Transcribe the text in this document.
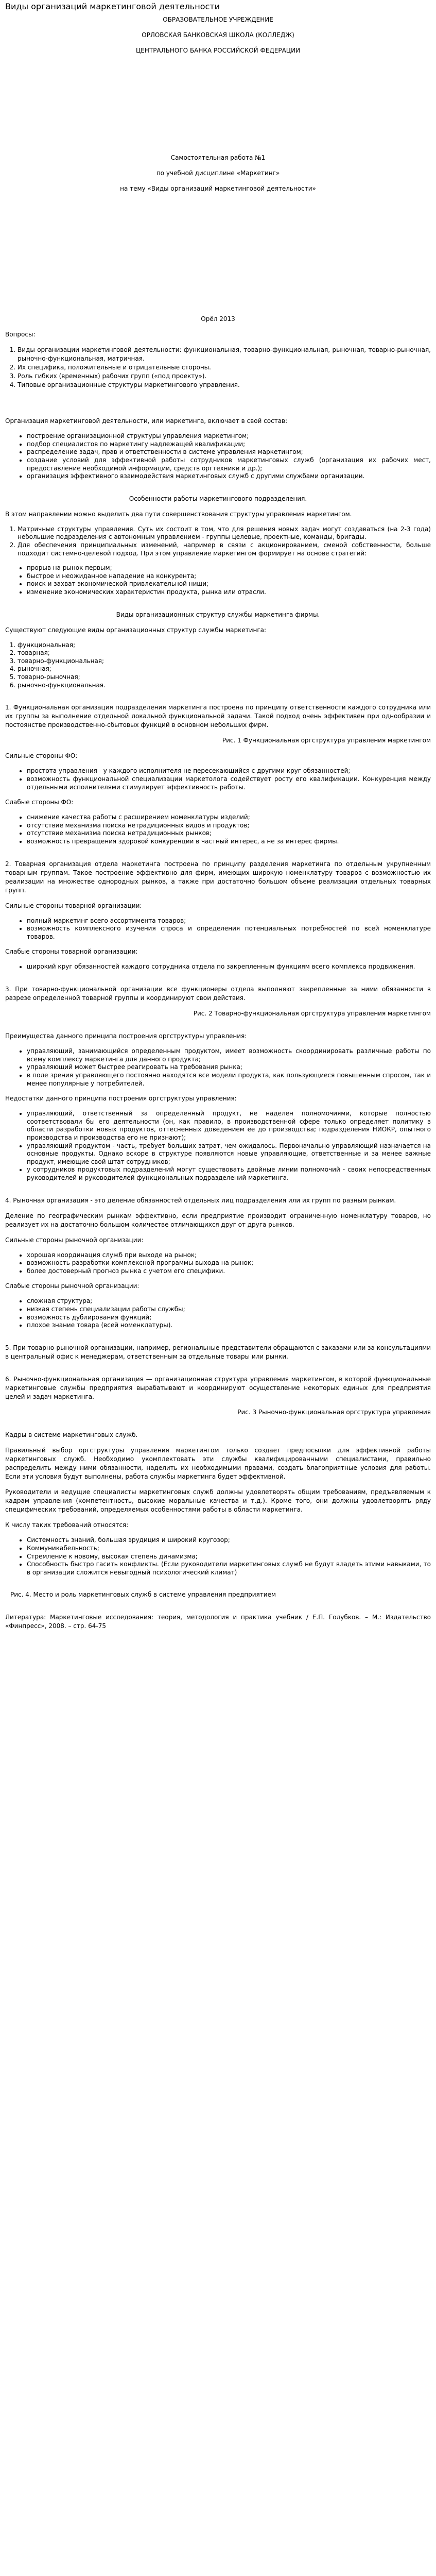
Виды организаций маркетинговой деятельности

ОБРАЗОВАТЕЛЬНОЕ УЧРЕЖДЕНИЕ

ОРЛОВСКАЯ БАНКОВСКАЯ ШКОЛА (КОЛЛЕДЖ)

ЦЕНТРАЛЬНОГО БАНКА РОССИЙСКОЙ ФЕДЕРАЦИИ

Самостоятельная работа №1

по учебной дисциплине «Маркетинг»

на тему «Виды организаций маркетинговой деятельности»

Орёл 2013

Вопросы:

1. Виды организации маркетинговой деятельности: функциональная, товарно-функциональная, рыночная, товарно-рыночная, рыночно-функциональная, матричная.
2. Их специфика, положительные и отрицательные стороны.
3. Роль гибких (временных) рабочих групп («под проекту»).
4. Типовые организационные структуры маркетингового управления.

Организация маркетинговой деятельности, или маркетинга, включает в свой состав:

• построение организационной структуры управления маркетингом;
• подбор специалистов по маркетингу надлежащей квалификации;
• распределение задач, прав и ответственности в системе управления маркетингом;
• создание условий для эффективной работы сотрудников маркетинговых служб (организация их рабочих мест, предоставление необходимой информации, средств оргтехники и др.);
• организация эффективного взаимодействия маркетинговых служб с другими службами организации.

Особенности работы маркетингового подразделения.

В этом направлении можно выделить два пути совершенствования структуры управления маркетингом.

1. Матричные структуры управления. Суть их состоит в том, что для решения новых задач могут создаваться (на 2-3 года) небольшие подразделения с автономным управлением - группы целевые, проектные, команды, бригады.
2. Для обеспечения принципиальных изменений, например в связи с акционированием, сменой собственности, больше подходит системно-целевой подход. При этом управление маркетингом формирует на основе стратегий:
• прорыв на рынок первым;
• быстрое и неожиданное нападение на конкурента;
• поиск и захват экономической привлекательной ниши;
• изменение экономических характеристик продукта, рынка или отрасли.

Виды организационных структур службы маркетинга фирмы.

Существуют следующие виды организационных структур службы маркетинга:

1. функциональная;
2. товарная;
3. товарно-функциональная;
4. рыночная;
5. товарно-рыночная;
6. рыночно-функциональная.

1. Функциональная организация подразделения маркетинга построена по принципу ответственности каждого сотрудника или их группы за выполнение отдельной локальной функциональной задачи. Такой подход очень эффективен при однообразии и постоянстве производственно-сбытовых функций в основном небольших фирм.

Рис. 1 Функциональная оргструктура управления маркетингом

Сильные стороны ФО:

• простота управления - у каждого исполнителя не пересекающийся с другими круг обязанностей;
• возможность функциональной специализации маркетолога содействует росту его квалификации. Конкуренция между отдельными исполнителями стимулирует эффективность работы.

Слабые стороны ФО:

• снижение качества работы с расширением номенклатуры изделий;
• отсутствие механизма поиска нетрадиционных видов и продуктов;
• отсутствие механизма поиска нетрадиционных рынков;
• возможность превращения здоровой конкуренции в частный интерес, а не за интерес фирмы.

2. Товарная организация отдела маркетинга построена по принципу разделения маркетинга по отдельным укрупненным товарным группам. Такое построение эффективно для фирм, имеющих широкую номенклатуру товаров с возможностью их реализации на множестве однородных рынков, а также при достаточно большом объеме реализации отдельных товарных групп.

Сильные стороны товарной организации:

• полный маркетинг всего ассортимента товаров;
• возможность комплексного изучения спроса и определения потенциальных потребностей по всей номенклатуре товаров.

Слабые стороны товарной организации:

• широкий круг обязанностей каждого сотрудника отдела по закрепленным функциям всего комплекса продвижения.

3. При товарно-функциональной организации все функционеры отдела выполняют закрепленные за ними обязанности в разрезе определенной товарной группы и координируют свои действия.

Рис. 2 Товарно-функциональная оргструктура управления маркетингом

Преимущества данного принципа построения оргструктуры управления:

• управляющий, занимающийся определенным продуктом, имеет возможность скоординировать различные работы по всему комплексу маркетинга для данного продукта;
• управляющий может быстрее реагировать на требования рынка;
• в поле зрения управляющего постоянно находятся все модели продукта, как пользующиеся повышенным спросом, так и менее популярные у потребителей.

Недостатки данного принципа построения оргструктуры управления:

• управляющий, ответственный за определенный продукт, не наделен полномочиями, которые полностью соответствовали бы его деятельности (он, как правило, в производственной сфере только определяет политику в области разработки новых продуктов, оттесненных доведением ее до производства; подразделения НИОКР, опытного производства и производства его не признают);
• управляющий продуктом - часть, требует больших затрат, чем ожидалось. Первоначально управляющий назначается на основные продукты. Однако вскоре в структуре появляются новые управляющие, ответственные и за менее важные продукт, имеющие свой штат сотрудников;
• у сотрудников продуктовых подразделений могут существовать двойные линии полномочий - своих непосредственных руководителей и руководителей функциональных подразделений маркетинга.

4. Рыночная организация - это деление обязанностей отдельных лиц подразделения или их групп по разным рынкам.

Деление по географическим рынкам эффективно, если предприятие производит ограниченную номенклатуру товаров, но реализует их на достаточно большом количестве отличающихся друг от друга рынков.

Сильные стороны рыночной организации:

• хорошая координация служб при выходе на рынок;
• возможность разработки комплексной программы выхода на рынок;
• более достоверный прогноз рынка с учетом его специфики.

Слабые стороны рыночной организации:

• сложная структура;
• низкая степень специализации работы службы;
• возможность дублирования функций;
• плохое знание товара (всей номенклатуры).

5. При товарно-рыночной организации, например, региональные представители обращаются с заказами или за консультациями в центральный офис к менеджерам, ответственным за отдельные товары или рынки.

6. Рыночно-функциональная организация — организационная структура управления маркетингом, в которой функциональные маркетинговые службы предприятия вырабатывают и координируют осуществление некоторых единых для предприятия целей и задач маркетинга.

Рис. 3 Рыночно-функциональная оргструктура управления

Кадры в системе маркетинговых служб.

Правильный выбор оргструктуры управления маркетингом только создает предпосылки для эффективной работы маркетинговых служб. Необходимо укомплектовать эти службы квалифицированными специалистами, правильно распределить между ними обязанности, наделить их необходимыми правами, создать благоприятные условия для работы. Если эти условия будут выполнены, работа службы маркетинга будет эффективной.

Руководители и ведущие специалисты маркетинговых служб должны удовлетворять общим требованиям, предъявляемым к кадрам управления (компетентность, высокие моральные качества и т.д.). Кроме того, они должны удовлетворять ряду специфических требований, определяемых особенностями работы в области маркетинга.

К числу таких требований относятся:

• Системность знаний, большая эрудиция и широкий кругозор;
• Коммуникабельность;
• Стремление к новому, высокая степень динамизма;
• Способность быстро гасить конфликты. (Если руководители маркетинговых служб не будут владеть этими навыками, то в организации сложится невыгодный психологический климат)

Рис. 4. Место и роль маркетинговых служб в системе управления предприятием

Литература: Маркетинговые исследования: теория, методология и практика учебник / Е.П. Голубков. – М.: Издательство «Финпресс», 2008. – стр. 64-75
